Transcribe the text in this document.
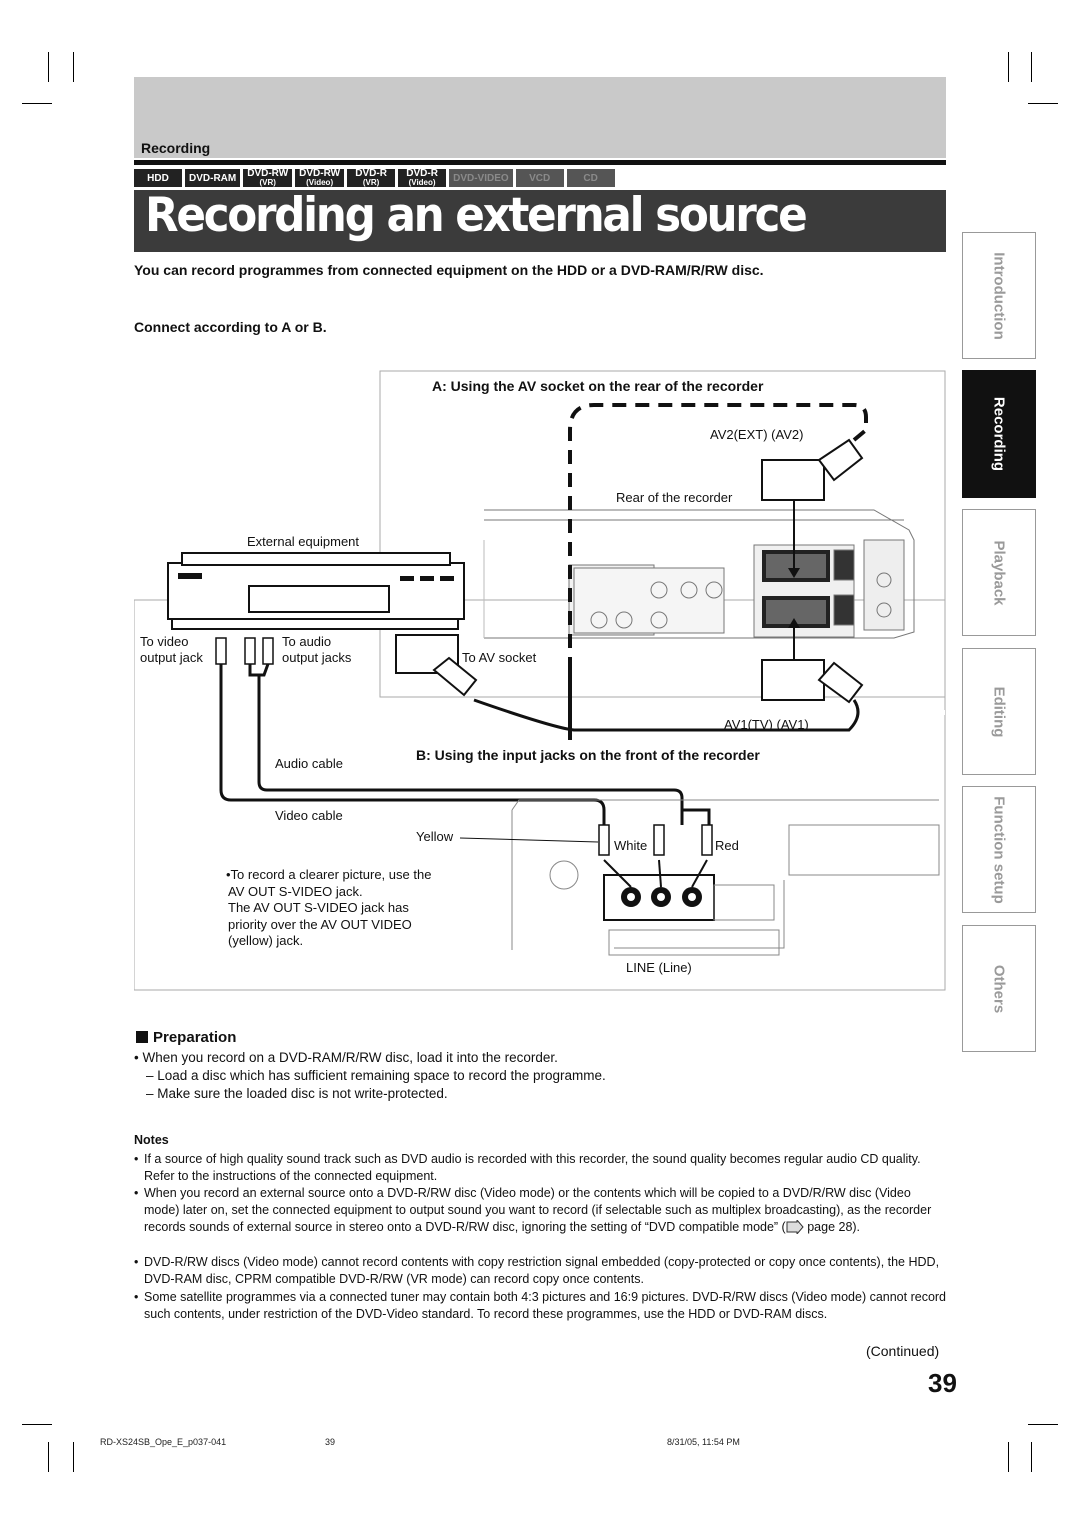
Recording
HDD DVD-RAM DVD-RW
(VR)
DVD-RW
(Video)
DVD-R
(VR)
DVD-R
(Video) DVD-VIDEO VCD	CD
Recording an external source
You can record programmes from connected equipment on the HDD or a DVD-RAM/R/RW disc.
Connect according to A or B.	Introduction
Recording
Playback
Editing
Function setup
Others
A: Using the AV socket on the rear of the recorder
B: Using the input jacks on the front of the recorder
AV2(EXT) (AV2)
Rear of the recorder
External equipment
To video
output jack
To audio
output jacks	To AV socket
AV1(TV) (AV1)
Audio cable
Video cable
Yellow
White	Red
LINE (Line)
•To record a clearer picture, use the
AV OUT S-VIDEO jack.
The AV OUT S-VIDEO jack has
priority over the AV OUT VIDEO
(yellow) jack.
Preparation
• When you record on a DVD-RAM/R/RW disc, load it into the recorder.
– Load a disc which has sufficient remaining space to record the programme.
– Make sure the loaded disc is not write-protected.
Notes
• If a source of high quality sound track such as DVD audio is recorded with this recorder, the sound quality becomes regular audio CD quality. Refer to the instructions of the connected equipment.
• When you record an external source onto a DVD-R/RW disc (Video mode) or the contents which will be copied to a DVD/R/RW disc (Video mode) later on, set the connected equipment to output sound you want to record (if selectable such as multiplex broadcasting), as the recorder records sounds of external source in stereo onto a DVD-R/RW disc, ignoring the setting of “DVD compatible mode” ( page 28).
• DVD-R/RW discs (Video mode) cannot record contents with copy restriction signal embedded (copy-protected or copy once contents), the HDD, DVD-RAM disc, CPRM compatible DVD-R/RW (VR mode) can record copy once contents.
• Some satellite programmes via a connected tuner may contain both 4:3 pictures and 16:9 pictures. DVD-R/RW discs (Video mode) cannot record such contents, under restriction of the DVD-Video standard. To record these programmes, use the HDD or DVD-RAM discs.
(Continued)
39
RD-XS24SB_Ope_E_p037-041	39	8/31/05, 11:54 PM
